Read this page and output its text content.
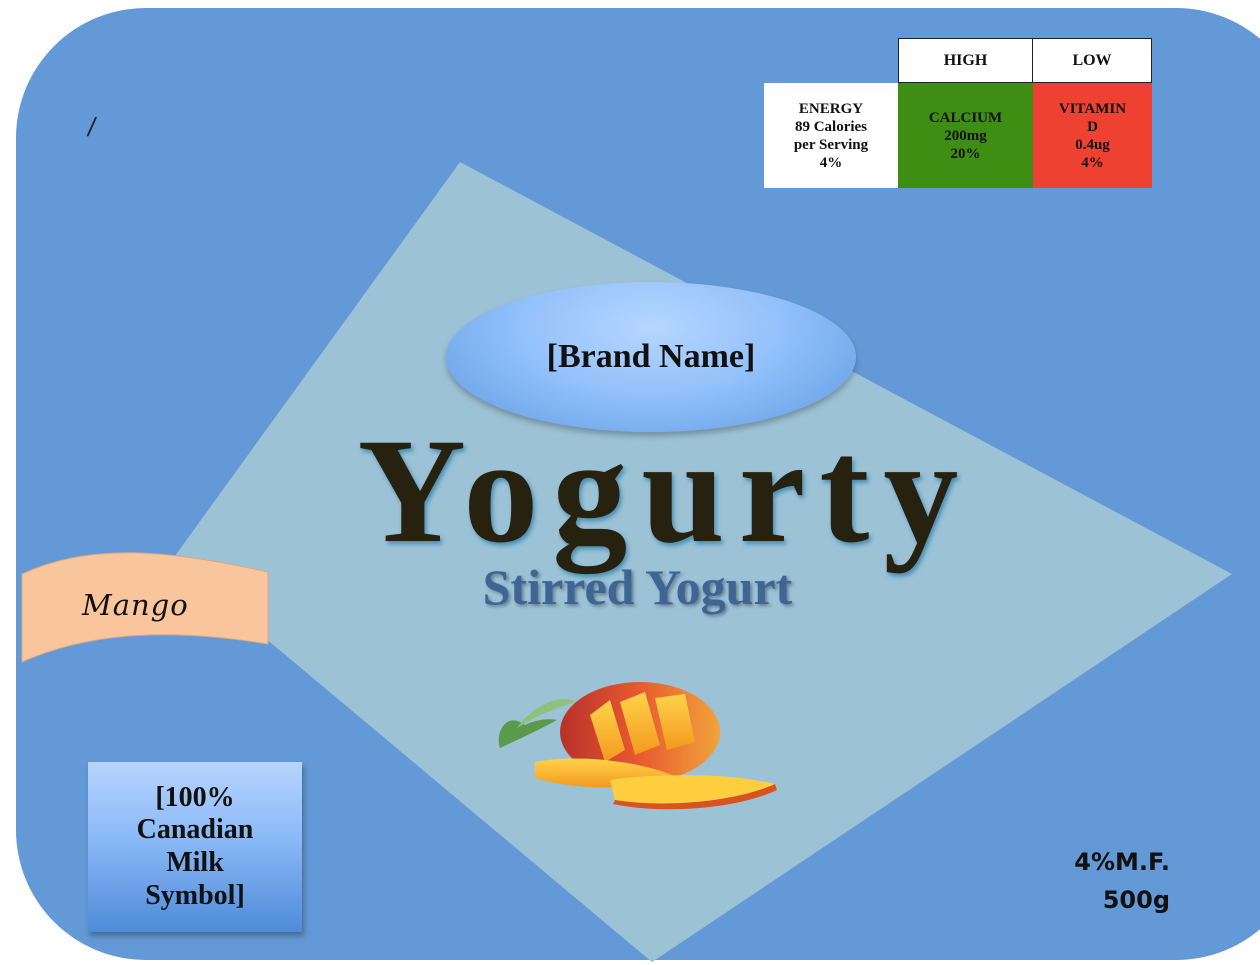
/
HIGH	LOW
ENERGY
89 Calories
per Serving
4%
CALCIUM
200mg
20%
VITAMIN
D
0.4ug
4%
[Brand Name]
Yogurty
Stirred Yogurt
Mango
[100%
Canadian
Milk
Symbol]
4%M.F.
500g
